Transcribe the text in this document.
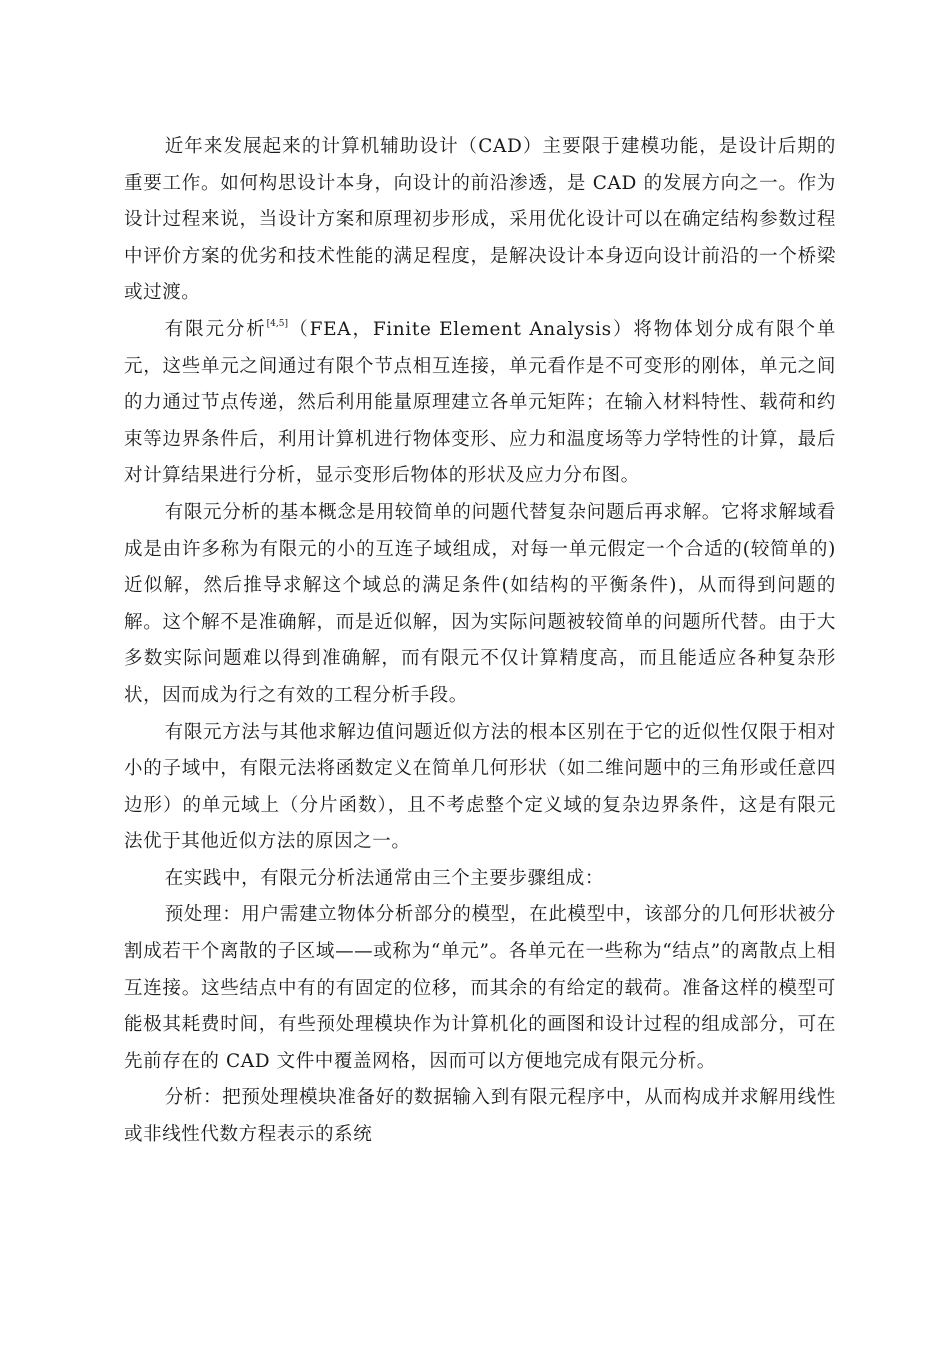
近年来发展起来的计算机辅助设计（CAD）主要限于建模功能，是设计后期的重要工作。如何构思设计本身，向设计的前沿渗透，是 CAD 的发展方向之一。作为设计过程来说，当设计方案和原理初步形成，采用优化设计可以在确定结构参数过程中评价方案的优劣和技术性能的满足程度，是解决设计本身迈向设计前沿的一个桥梁或过渡。

有限元分析[4,5]（FEA，Finite Element Analysis）将物体划分成有限个单元，这些单元之间通过有限个节点相互连接，单元看作是不可变形的刚体，单元之间的力通过节点传递，然后利用能量原理建立各单元矩阵；在输入材料特性、载荷和约束等边界条件后，利用计算机进行物体变形、应力和温度场等力学特性的计算，最后对计算结果进行分析，显示变形后物体的形状及应力分布图。

有限元分析的基本概念是用较简单的问题代替复杂问题后再求解。它将求解域看成是由许多称为有限元的小的互连子域组成，对每一单元假定一个合适的(较简单的)近似解，然后推导求解这个域总的满足条件(如结构的平衡条件)，从而得到问题的解。这个解不是准确解，而是近似解，因为实际问题被较简单的问题所代替。由于大多数实际问题难以得到准确解，而有限元不仅计算精度高，而且能适应各种复杂形状，因而成为行之有效的工程分析手段。

有限元方法与其他求解边值问题近似方法的根本区别在于它的近似性仅限于相对小的子域中，有限元法将函数定义在简单几何形状（如二维问题中的三角形或任意四边形）的单元域上（分片函数），且不考虑整个定义域的复杂边界条件，这是有限元法优于其他近似方法的原因之一。

在实践中，有限元分析法通常由三个主要步骤组成：

预处理：用户需建立物体分析部分的模型，在此模型中，该部分的几何形状被分割成若干个离散的子区域——或称为“单元”。各单元在一些称为“结点”的离散点上相互连接。这些结点中有的有固定的位移，而其余的有给定的载荷。准备这样的模型可能极其耗费时间，有些预处理模块作为计算机化的画图和设计过程的组成部分，可在先前存在的 CAD 文件中覆盖网格，因而可以方便地完成有限元分析。

分析：把预处理模块准备好的数据输入到有限元程序中，从而构成并求解用线性或非线性代数方程表示的系统
